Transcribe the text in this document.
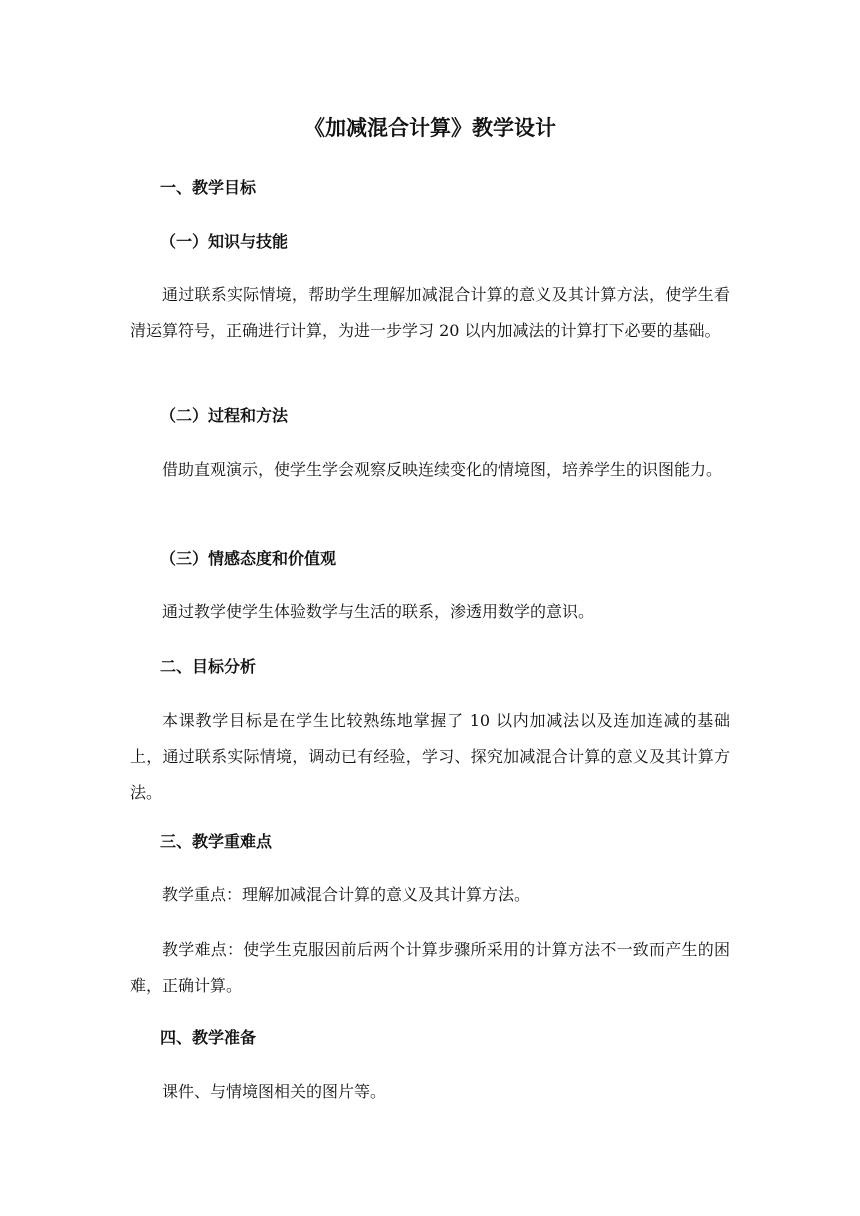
《加减混合计算》教学设计
一、教学目标
（一）知识与技能

通过联系实际情境，帮助学生理解加减混合计算的意义及其计算方法，使学生看清运算符号，正确进行计算，为进一步学习 20 以内加减法的计算打下必要的基础。

（二）过程和方法

借助直观演示，使学生学会观察反映连续变化的情境图，培养学生的识图能力。

（三）情感态度和价值观

通过教学使学生体验数学与生活的联系，渗透用数学的意识。

二、目标分析

本课教学目标是在学生比较熟练地掌握了 10 以内加减法以及连加连减的基础上，通过联系实际情境，调动已有经验，学习、探究加减混合计算的意义及其计算方法。

三、教学重难点

教学重点：理解加减混合计算的意义及其计算方法。

教学难点：使学生克服因前后两个计算步骤所采用的计算方法不一致而产生的困难，正确计算。

四、教学准备

课件、与情境图相关的图片等。
